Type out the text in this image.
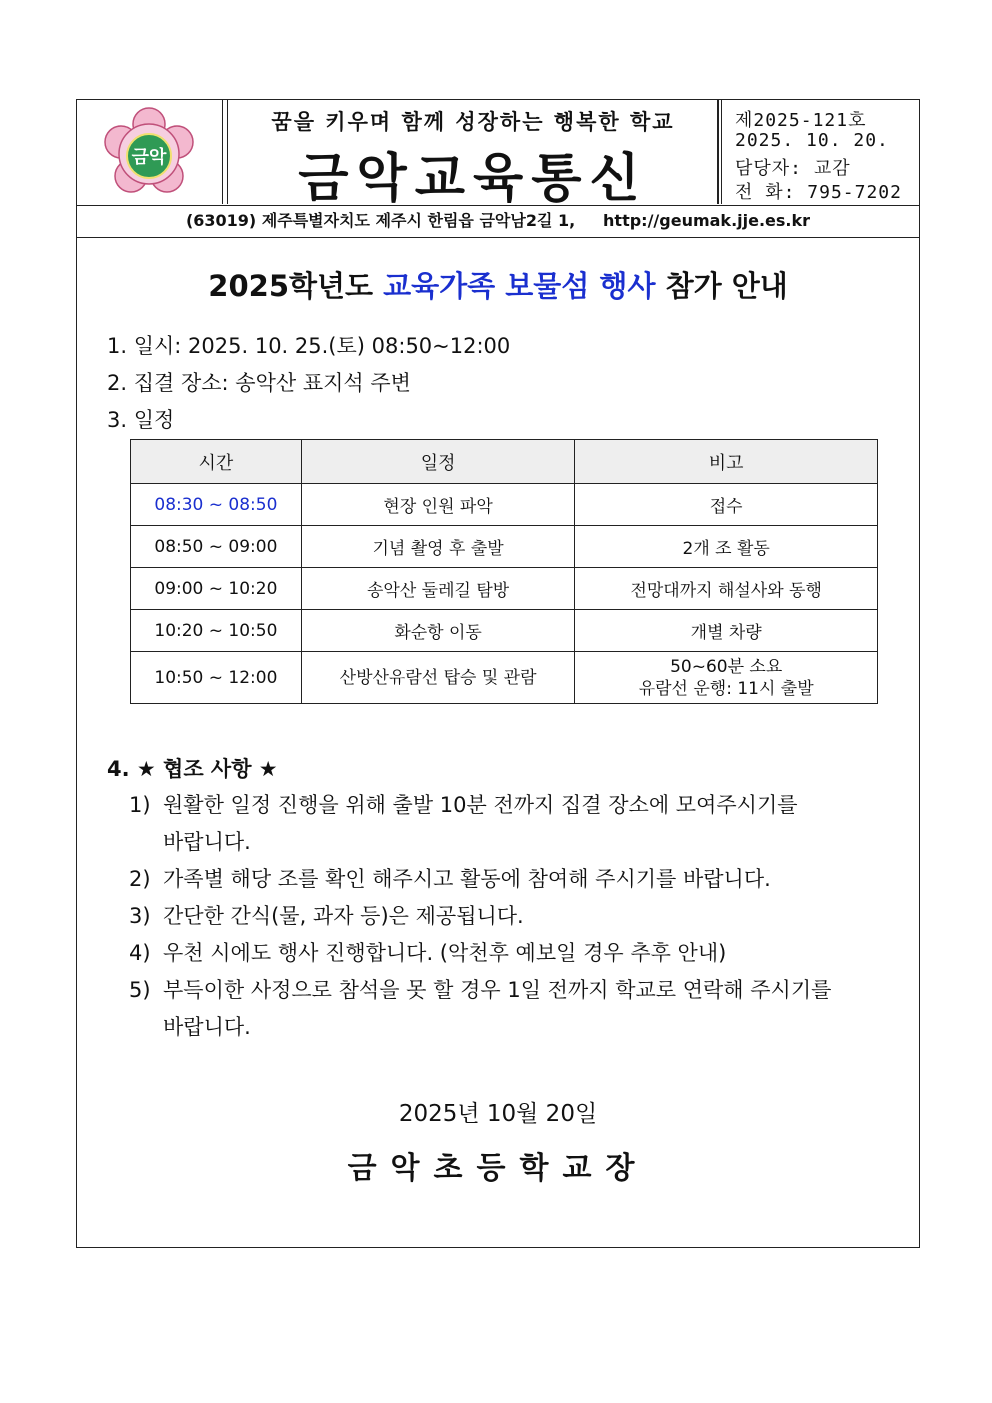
금악
꿈을 키우며 함께 성장하는 행복한 학교
금악교육통신
제2025-121호
2025. 10. 20.
담당자: 교감
전 화: 795-7202
(63019) 제주특별자치도 제주시 한림읍 금악남2길 1,     http://geumak.jje.es.kr
2025학년도 교육가족 보물섬 행사 참가 안내
1. 일시: 2025. 10. 25.(토) 08:50~12:00
2. 집결 장소: 송악산 표지석 주변
3. 일정
시간	일정	비고
08:30 ~ 08:50	현장 인원 파악	접수
08:50 ~ 09:00	기념 촬영 후 출발	2개 조 활동
09:00 ~ 10:20	송악산 둘레길 탐방	전망대까지 해설사와 동행
10:20 ~ 10:50	화순항 이동	개별 차량
10:50 ~ 12:00	산방산유람선 탑승 및 관람	50~60분 소요
유람선 운행: 11시 출발
4. ★ 협조 사항 ★
1) 원활한 일정 진행을 위해 출발 10분 전까지 집결 장소에 모여주시기를
바랍니다.
2) 가족별 해당 조를 확인 해주시고 활동에 참여해 주시기를 바랍니다.
3) 간단한 간식(물, 과자 등)은 제공됩니다.
4) 우천 시에도 행사 진행합니다. (악천후 예보일 경우 추후 안내)
5) 부득이한 사정으로 참석을 못 할 경우 1일 전까지 학교로 연락해 주시기를
바랍니다.
2025년 10월 20일
금악초등학교장
